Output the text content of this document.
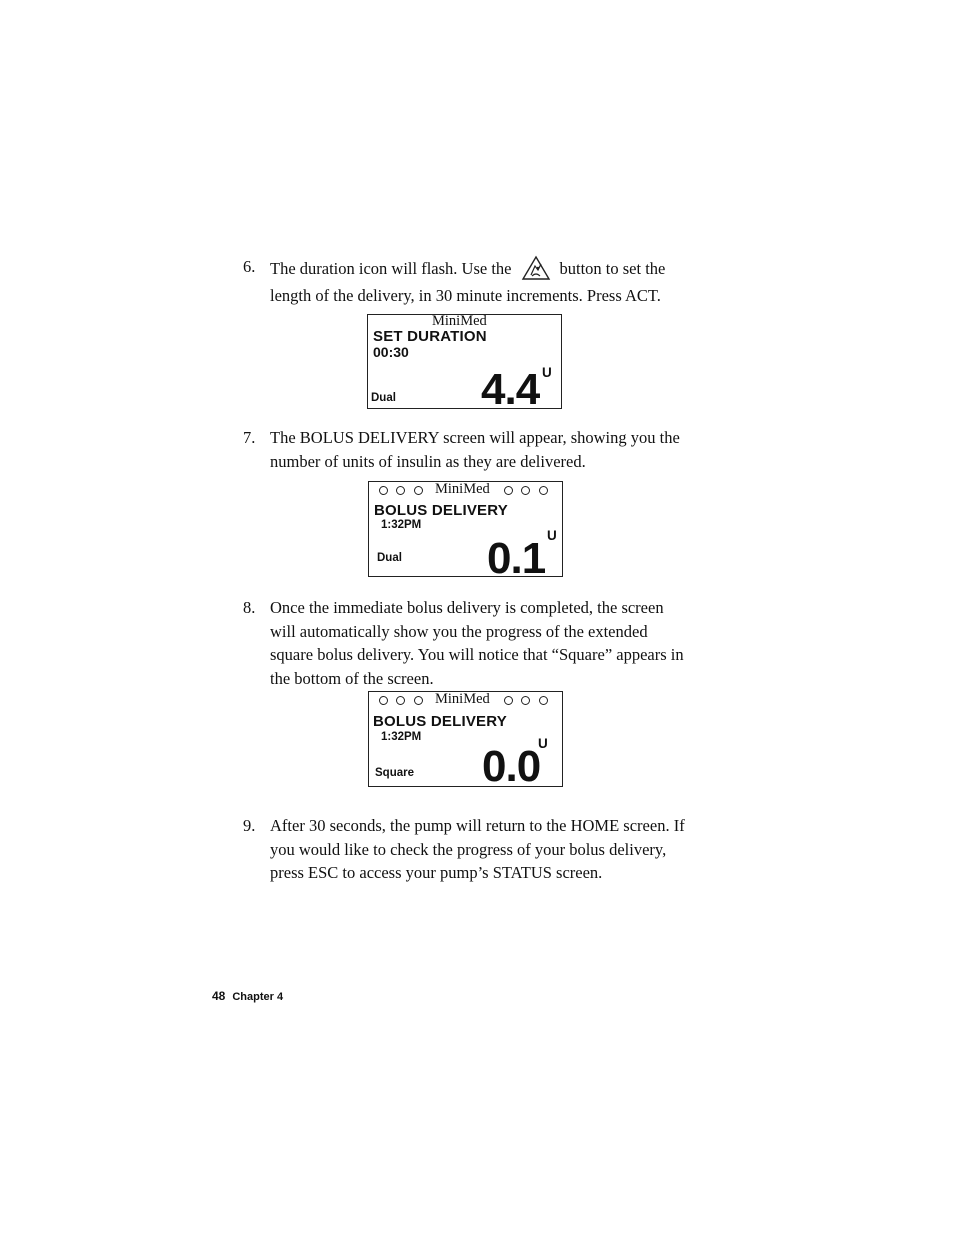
6. The duration icon will flash. Use the	button to set the
length of the delivery, in 30 minute increments. Press ACT.
MiniMed
SET DURATION
00:30
Dual 4.4 U
7. The BOLUS DELIVERY screen will appear, showing you the
number of units of insulin as they are delivered.
MiniMed
BOLUS DELIVERY
1:32PM
Dual 0.1 U
8. Once the immediate bolus delivery is completed, the screen
will automatically show you the progress of the extended
square bolus delivery. You will notice that “Square” appears in
the bottom of the screen.
MiniMed
BOLUS DELIVERY
1:32PM
Square 0.0
U
9. After 30 seconds, the pump will return to the HOME screen. If
you would like to check the progress of your bolus delivery,
press ESC to access your pump’s STATUS screen.
48 Chapter 4
